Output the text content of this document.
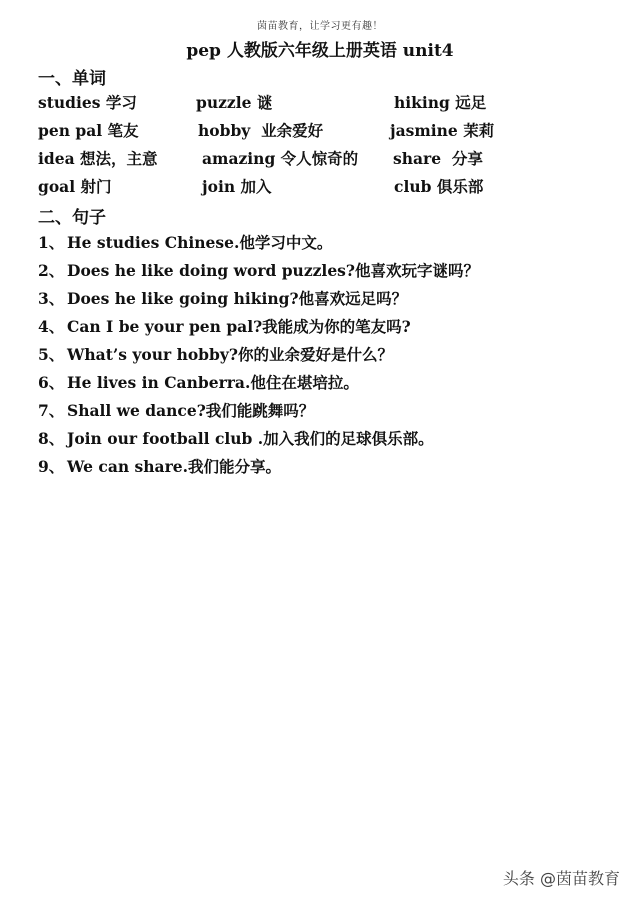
茵苗教育，让学习更有趣！
pep 人教版六年级上册英语 unit4
一、单词
studies 学习	puzzle 谜	hiking 远足
pen pal 笔友	hobby  业余爱好	jasmine 茉莉
idea 想法，主意	amazing 令人惊奇的 share  分享
goal 射门	join 加入	club 俱乐部
二、句子
1、 He studies Chinese.他学习中文。
2、 Does he like doing word puzzles?他喜欢玩字谜吗？
3、 Does he like going hiking?他喜欢远足吗？
4、 Can I be your pen pal?我能成为你的笔友吗?
5、 What’s your hobby?你的业余爱好是什么？
6、 He lives in Canberra.他住在堪培拉。
7、 Shall we dance?我们能跳舞吗？
8、 Join our football club .加入我们的足球俱乐部。
9、 We can share.我们能分享。
头条 @茵苗教育
